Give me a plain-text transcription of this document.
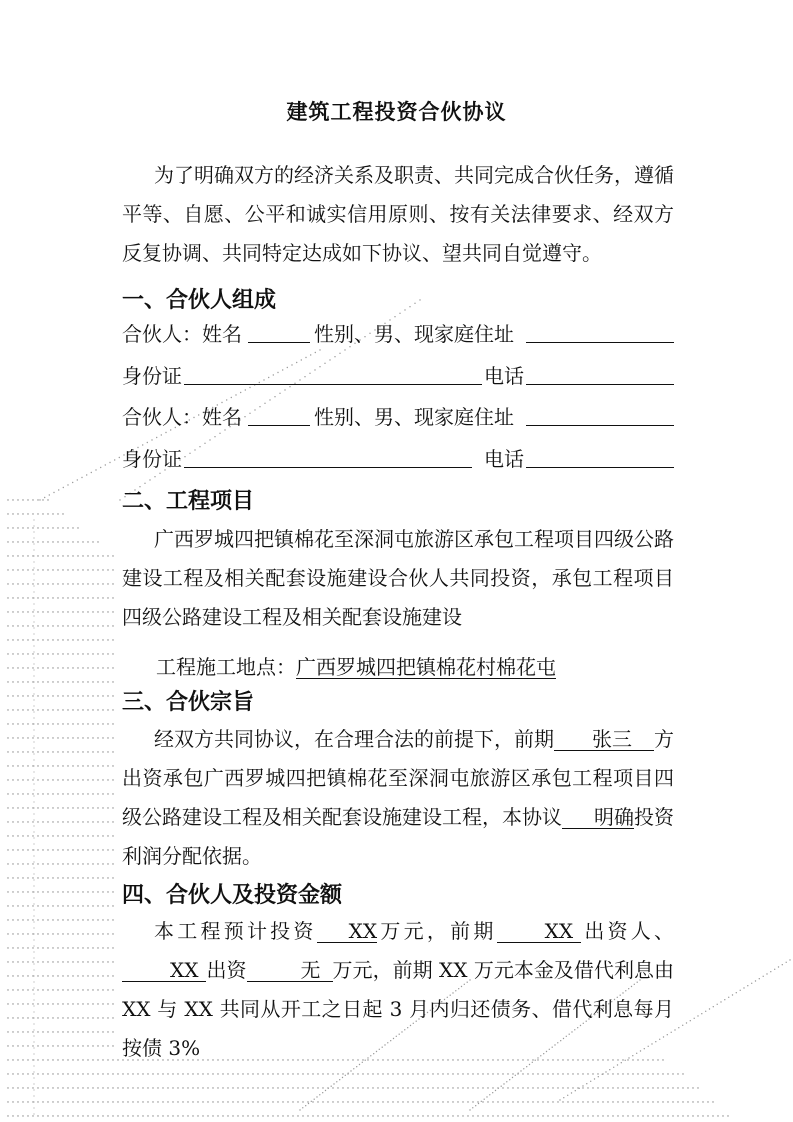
建筑工程投资合伙协议
为了明确双方的经济关系及职责、共同完成合伙任务，遵循平等、自愿、公平和诚实信用原则、按有关法律要求、经双方反复协调、共同特定达成如下协议、望共同自觉遵守。
一、合伙人组成
合伙人：姓名	性别、男、现家庭住址
身份证	电话
合伙人：姓名	性别、男、现家庭住址
身份证	电话
二、工程项目
广西罗城四把镇棉花至深洞屯旅游区承包工程项目四级公路建设工程及相关配套设施建设合伙人共同投资，承包工程项目四级公路建设工程及相关配套设施建设
工程施工地点：广西罗城四把镇棉花村棉花屯
三、合伙宗旨
经双方共同协议，在合理合法的前提下，前期 张三 方出资承包广西罗城四把镇棉花至深洞屯旅游区承包工程项目四级公路建设工程及相关配套设施建设工程，本协议 明确投资利润分配依据。
四、合伙人及投资金额
本工程预计投资 XX万元，前期 XX 出资人、XX 出资	无 万元，前期 XX 万元本金及借代利息由 XX 与 XX 共同从开工之日起 3 月内归还债务、借代利息每月按债 3%
